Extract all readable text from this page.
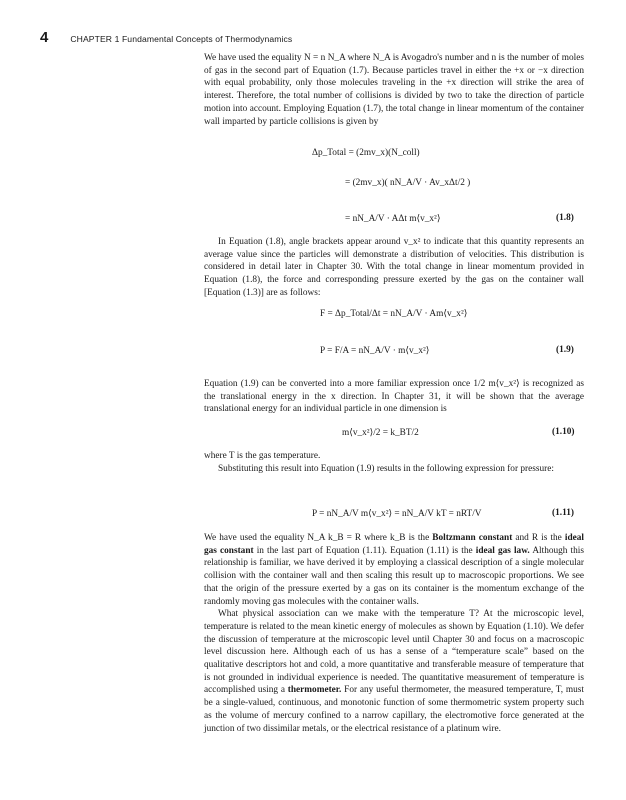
4	CHAPTER 1 Fundamental Concepts of Thermodynamics

We have used the equality N = n N_A where N_A is Avogadro's number and n is the number of moles of gas in the second part of Equation (1.7). Because particles travel in either the +x or −x direction with equal probability, only those molecules traveling in the +x direction will strike the area of interest. Therefore, the total number of collisions is divided by two to take the direction of particle motion into account. Employing Equation (1.7), the total change in linear momentum of the container wall imparted by particle collisions is given by

Δp_Total = (2mv_x)(N_coll)
= (2mv_x)( nN_A/V · Av_xΔt/2 )
= nN_A/V · AΔt m⟨v_x²⟩	(1.8)

In Equation (1.8), angle brackets appear around v_x² to indicate that this quantity represents an average value since the particles will demonstrate a distribution of velocities. This distribution is considered in detail later in Chapter 30. With the total change in linear momentum provided in Equation (1.8), the force and corresponding pressure exerted by the gas on the container wall [Equation (1.3)] are as follows:

F = Δp_Total/Δt = nN_A/V · Am⟨v_x²⟩
P = F/A = nN_A/V · m⟨v_x²⟩	(1.9)

Equation (1.9) can be converted into a more familiar expression once 1/2 m⟨v_x²⟩ is recognized as the translational energy in the x direction. In Chapter 31, it will be shown that the average translational energy for an individual particle in one dimension is

m⟨v_x²⟩/2 = k_BT/2	(1.10)

where T is the gas temperature.

Substituting this result into Equation (1.9) results in the following expression for pressure:

P = nN_A/V m⟨v_x²⟩ = nN_A/V kT = nRT/V	(1.11)

We have used the equality N_A k_B = R where k_B is the Boltzmann constant and R is the ideal gas constant in the last part of Equation (1.11). Equation (1.11) is the ideal gas law. Although this relationship is familiar, we have derived it by employing a classical description of a single molecular collision with the container wall and then scaling this result up to macroscopic proportions. We see that the origin of the pressure exerted by a gas on its container is the momentum exchange of the randomly moving gas molecules with the container walls.

What physical association can we make with the temperature T? At the microscopic level, temperature is related to the mean kinetic energy of molecules as shown by Equation (1.10). We defer the discussion of temperature at the microscopic level until Chapter 30 and focus on a macroscopic level discussion here. Although each of us has a sense of a “temperature scale” based on the qualitative descriptors hot and cold, a more quantitative and transferable measure of temperature that is not grounded in individual experience is needed. The quantitative measurement of temperature is accomplished using a thermometer. For any useful thermometer, the measured temperature, T, must be a single-valued, continuous, and monotonic function of some thermometric system property such as the volume of mercury confined to a narrow capillary, the electromotive force generated at the junction of two dissimilar metals, or the electrical resistance of a platinum wire.
